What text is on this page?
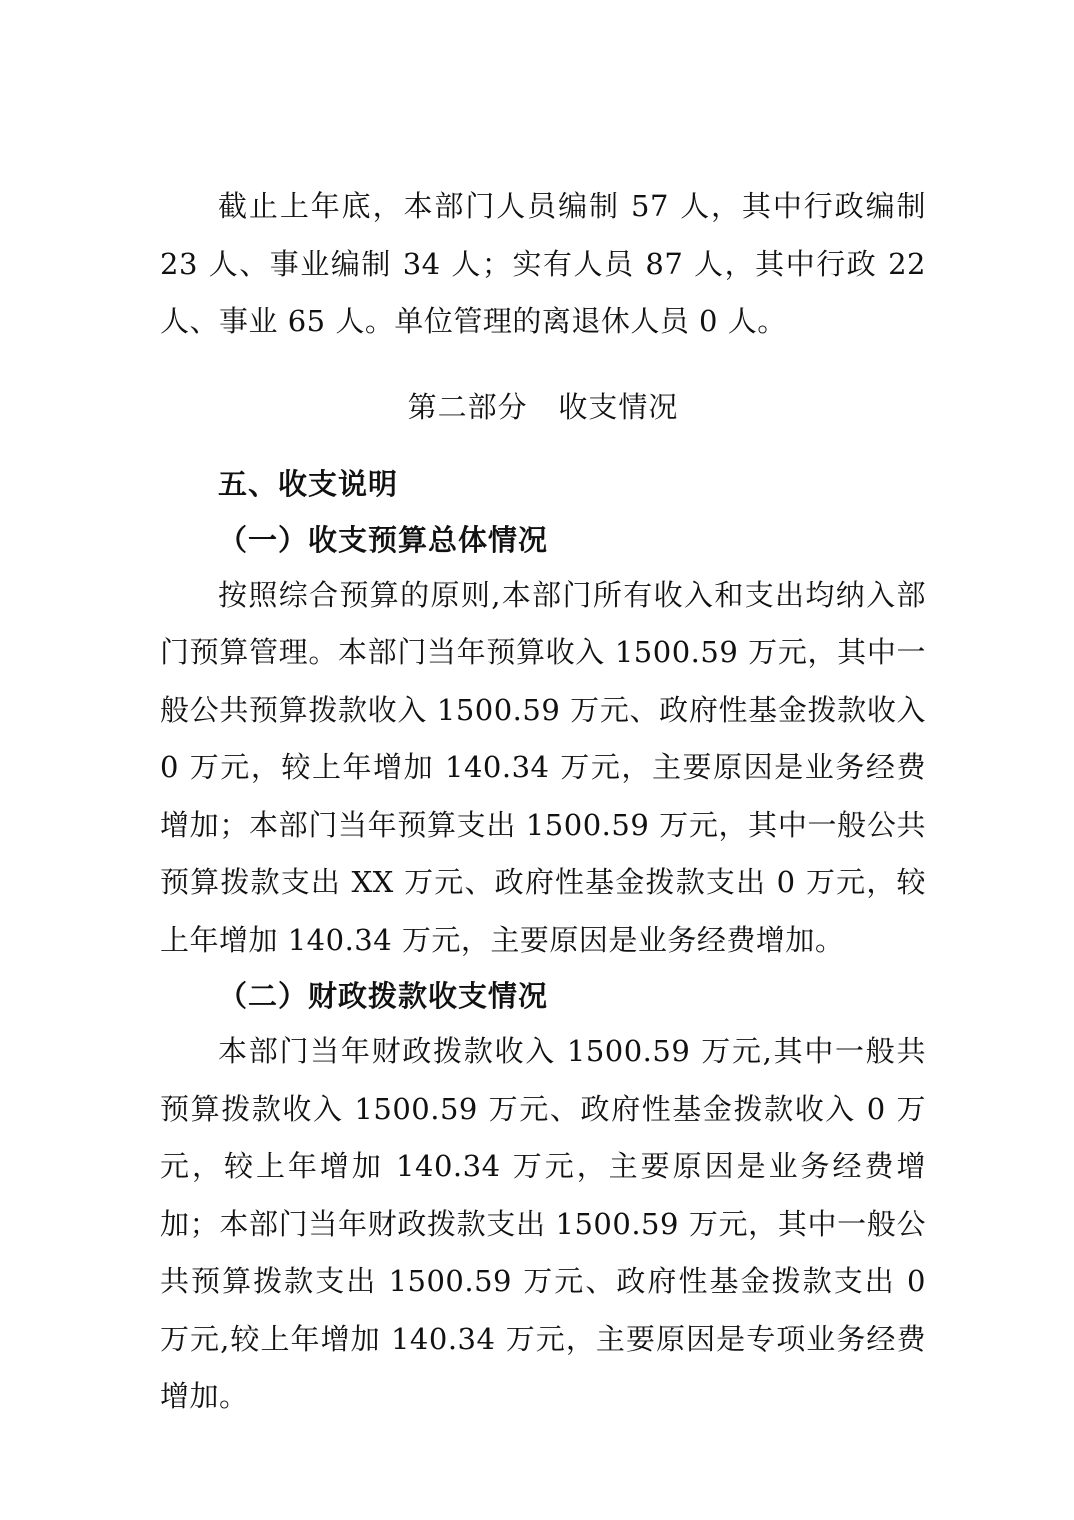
截止上年底，本部门人员编制 57 人，其中行政编制 23 人、事业编制 34 人；实有人员 87 人，其中行政 22 人、事业 65 人。单位管理的离退休人员 0 人。

第二部分   收支情况
五、收支说明
（一）收支预算总体情况

按照综合预算的原则,本部门所有收入和支出均纳入部门预算管理。本部门当年预算收入 1500.59 万元，其中一般公共预算拨款收入 1500.59 万元、政府性基金拨款收入 0 万元，较上年增加 140.34 万元，主要原因是业务经费增加；本部门当年预算支出 1500.59 万元，其中一般公共预算拨款支出 XX 万元、政府性基金拨款支出 0 万元，较上年增加 140.34 万元，主要原因是业务经费增加。

（二）财政拨款收支情况

本部门当年财政拨款收入 1500.59 万元,其中一般共预算拨款收入 1500.59 万元、政府性基金拨款收入 0 万元，较上年增加 140.34 万元，主要原因是业务经费增加；本部门当年财政拨款支出 1500.59 万元，其中一般公共预算拨款支出 1500.59 万元、政府性基金拨款支出 0 万元,较上年增加 140.34 万元，主要原因是专项业务经费增加。
